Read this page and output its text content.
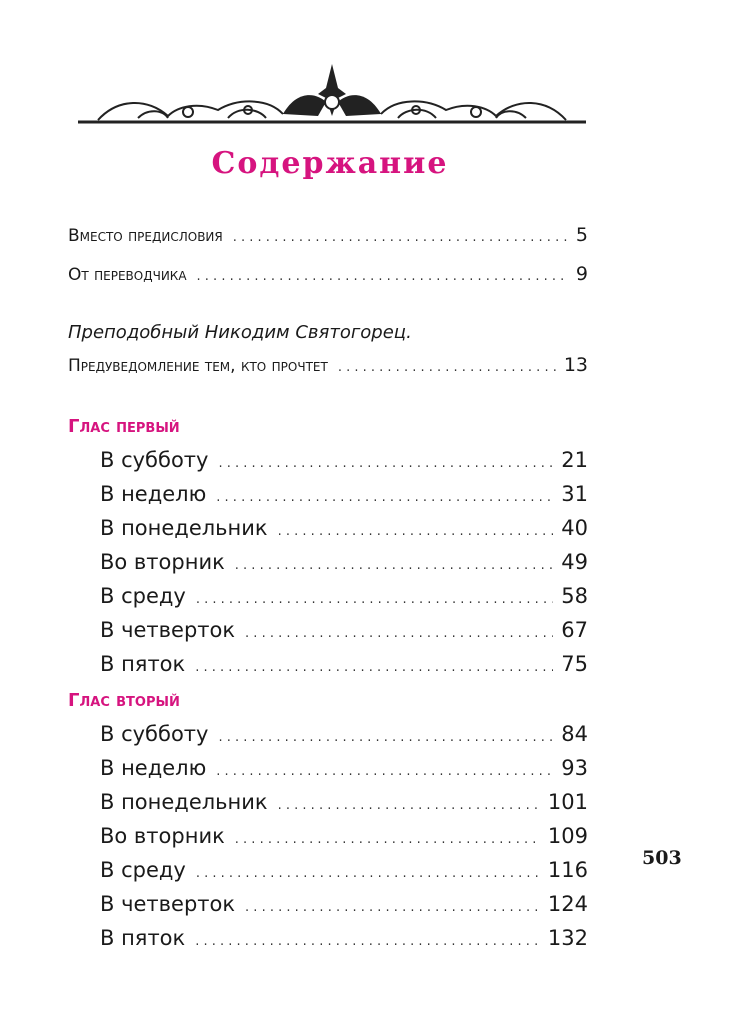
Содержание
Вместо предисловия . . .	5
От переводчика . . .	9
Преподобный Никодим Святогорец.
Предуведомление тем, кто прочтет . . .	13
Глас первый
В субботу . . .	21
В неделю . . .	31
В понедельник . . .	40
Во вторник . . .	49
В среду . . .	58
В четверток . . .	67
В пяток . . .	75
Глас вторый
В субботу . . .	84
В неделю . . .	93
В понедельник . . .	101
Во вторник . . .	109
В среду . . .	116
В четверток . . .	124
В пяток . . .	132
503
